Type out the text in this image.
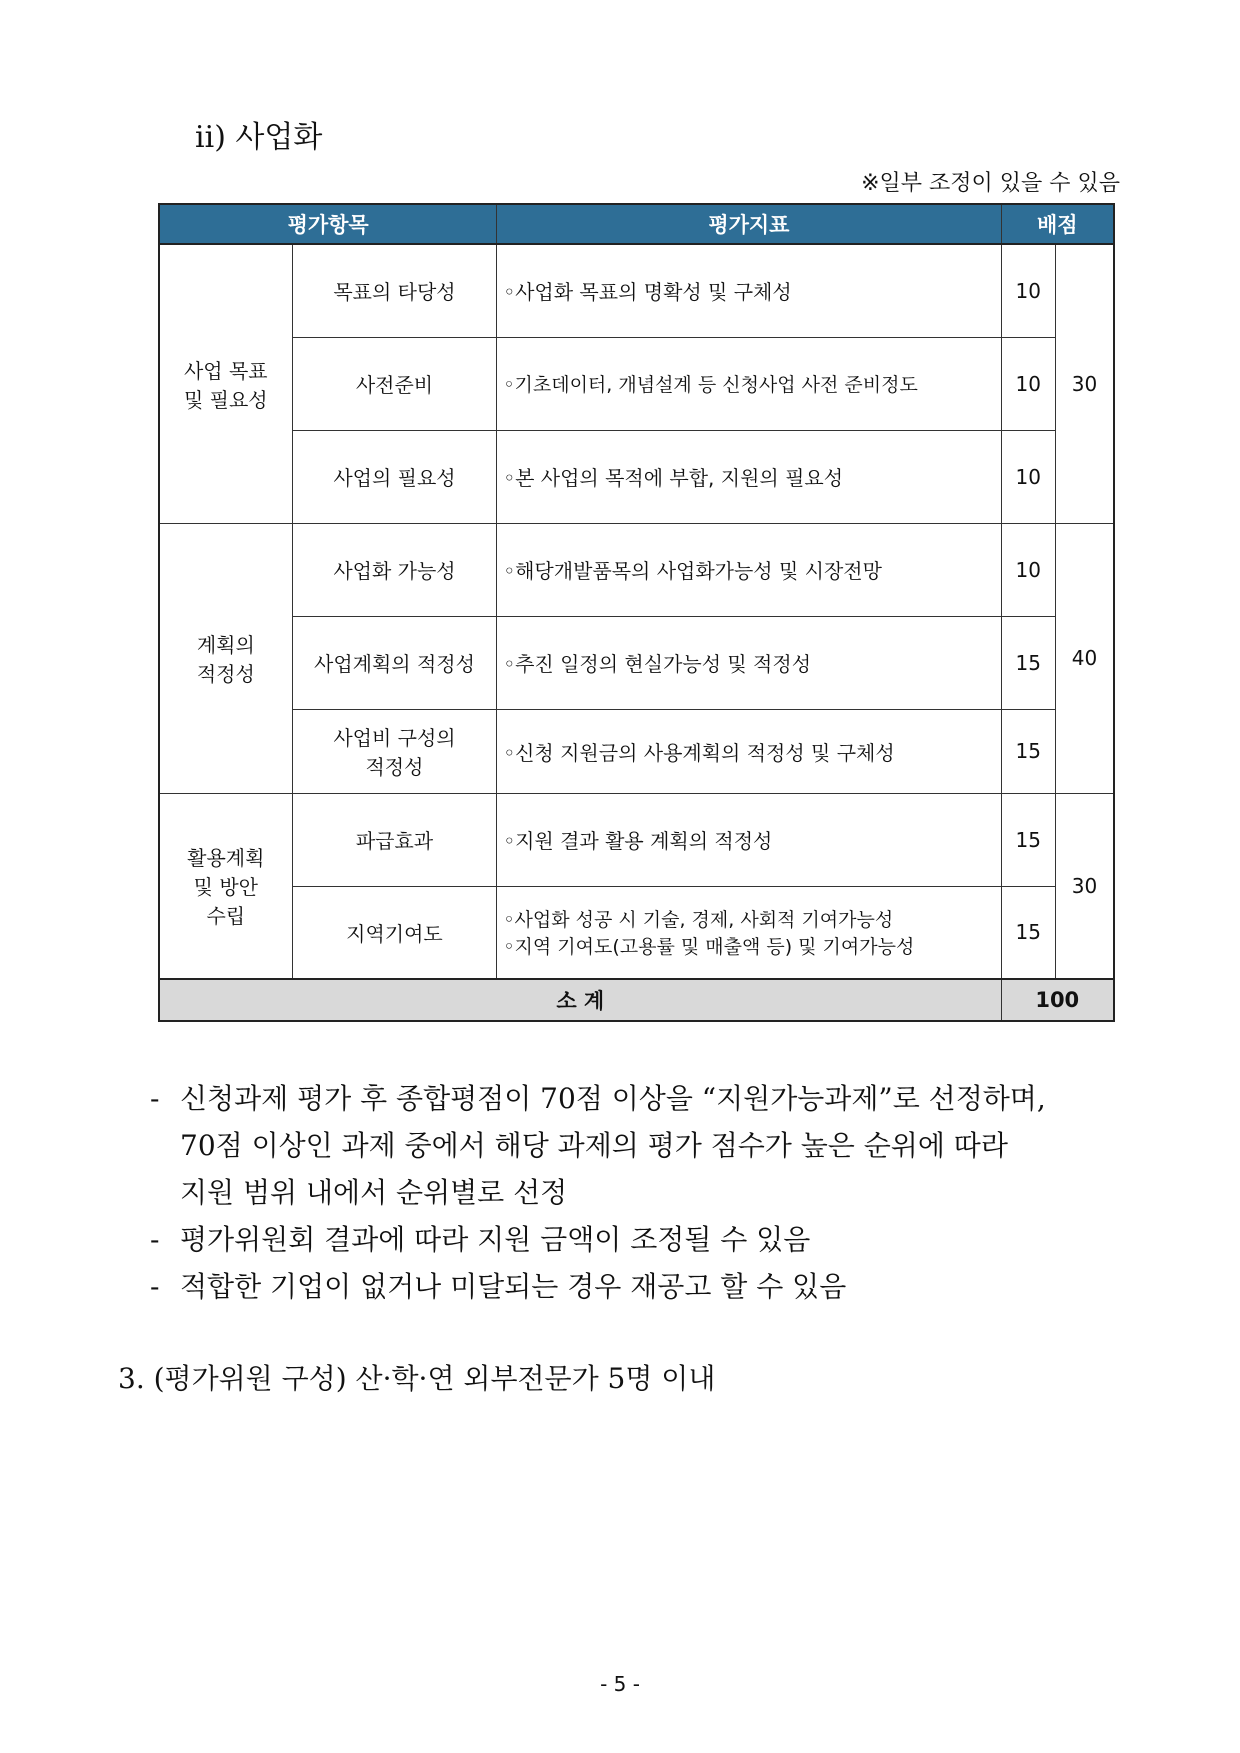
ⅱ) 사업화
※일부 조정이 있을 수 있음
평가항목		평가지표	배점	
사업 목표 및 필요성	목표의 타당성	◦사업화 목표의 명확성 및 구체성	10	30
	사전준비	◦기초데이터, 개념설계 등 신청사업 사전 준비정도	10	
	사업의 필요성	◦본 사업의 목적에 부합, 지원의 필요성	10	
계획의 적정성	사업화 가능성	◦해당개발품목의 사업화가능성 및 시장전망	10	40
	사업계획의 적정성	◦추진 일정의 현실가능성 및 적정성	15	
	사업비 구성의 적정성	◦신청 지원금의 사용계획의 적정성 및 구체성	15	
활용계획 및 방안 수립	파급효과	◦지원 결과 활용 계획의 적정성	15	30
	지역기여도	◦사업화 성공 시 기술, 경제, 사회적 기여가능성
◦지역 기여도(고용률 및 매출액 등) 및 기여가능성	15	
소 계			100	
- 신청과제 평가 후 종합평점이 70점 이상을 “지원가능과제”로 선정하며,
70점 이상인 과제 중에서 해당 과제의 평가 점수가 높은 순위에 따라
지원 범위 내에서 순위별로 선정
- 평가위원회 결과에 따라 지원 금액이 조정될 수 있음
- 적합한 기업이 없거나 미달되는 경우 재공고 할 수 있음
3. (평가위원 구성) 산·학·연 외부전문가 5명 이내
- 5 -
